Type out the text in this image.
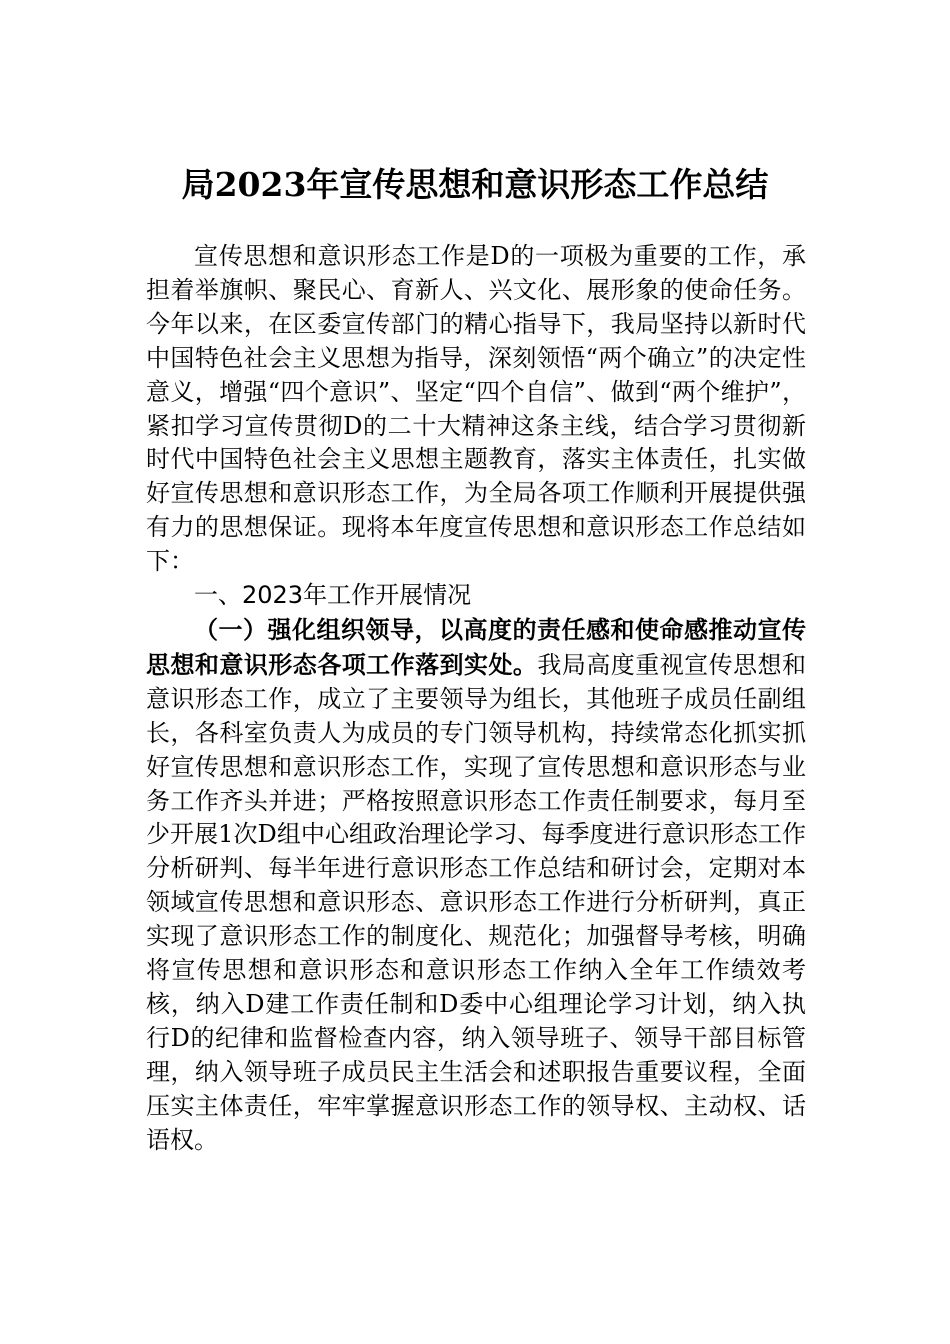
局2023年宣传思想和意识形态工作总结

宣传思想和意识形态工作是D的一项极为重要的工作，承担着举旗帜、聚民心、育新人、兴文化、展形象的使命任务。今年以来，在区委宣传部门的精心指导下，我局坚持以新时代中国特色社会主义思想为指导，深刻领悟“两个确立”的决定性意义，增强“四个意识”、坚定“四个自信”、做到“两个维护”，紧扣学习宣传贯彻D的二十大精神这条主线，结合学习贯彻新时代中国特色社会主义思想主题教育，落实主体责任，扎实做好宣传思想和意识形态工作，为全局各项工作顺利开展提供强有力的思想保证。现将本年度宣传思想和意识形态工作总结如下：

一、2023年工作开展情况

（一）强化组织领导，以高度的责任感和使命感推动宣传思想和意识形态各项工作落到实处。我局高度重视宣传思想和意识形态工作，成立了主要领导为组长，其他班子成员任副组长，各科室负责人为成员的专门领导机构，持续常态化抓实抓好宣传思想和意识形态工作，实现了宣传思想和意识形态与业务工作齐头并进；严格按照意识形态工作责任制要求，每月至少开展1次D组中心组政治理论学习、每季度进行意识形态工作分析研判、每半年进行意识形态工作总结和研讨会，定期对本领域宣传思想和意识形态、意识形态工作进行分析研判，真正实现了意识形态工作的制度化、规范化；加强督导考核，明确将宣传思想和意识形态和意识形态工作纳入全年工作绩效考核，纳入D建工作责任制和D委中心组理论学习计划，纳入执行D的纪律和监督检查内容，纳入领导班子、领导干部目标管理，纳入领导班子成员民主生活会和述职报告重要议程，全面压实主体责任，牢牢掌握意识形态工作的领导权、主动权、话语权。
